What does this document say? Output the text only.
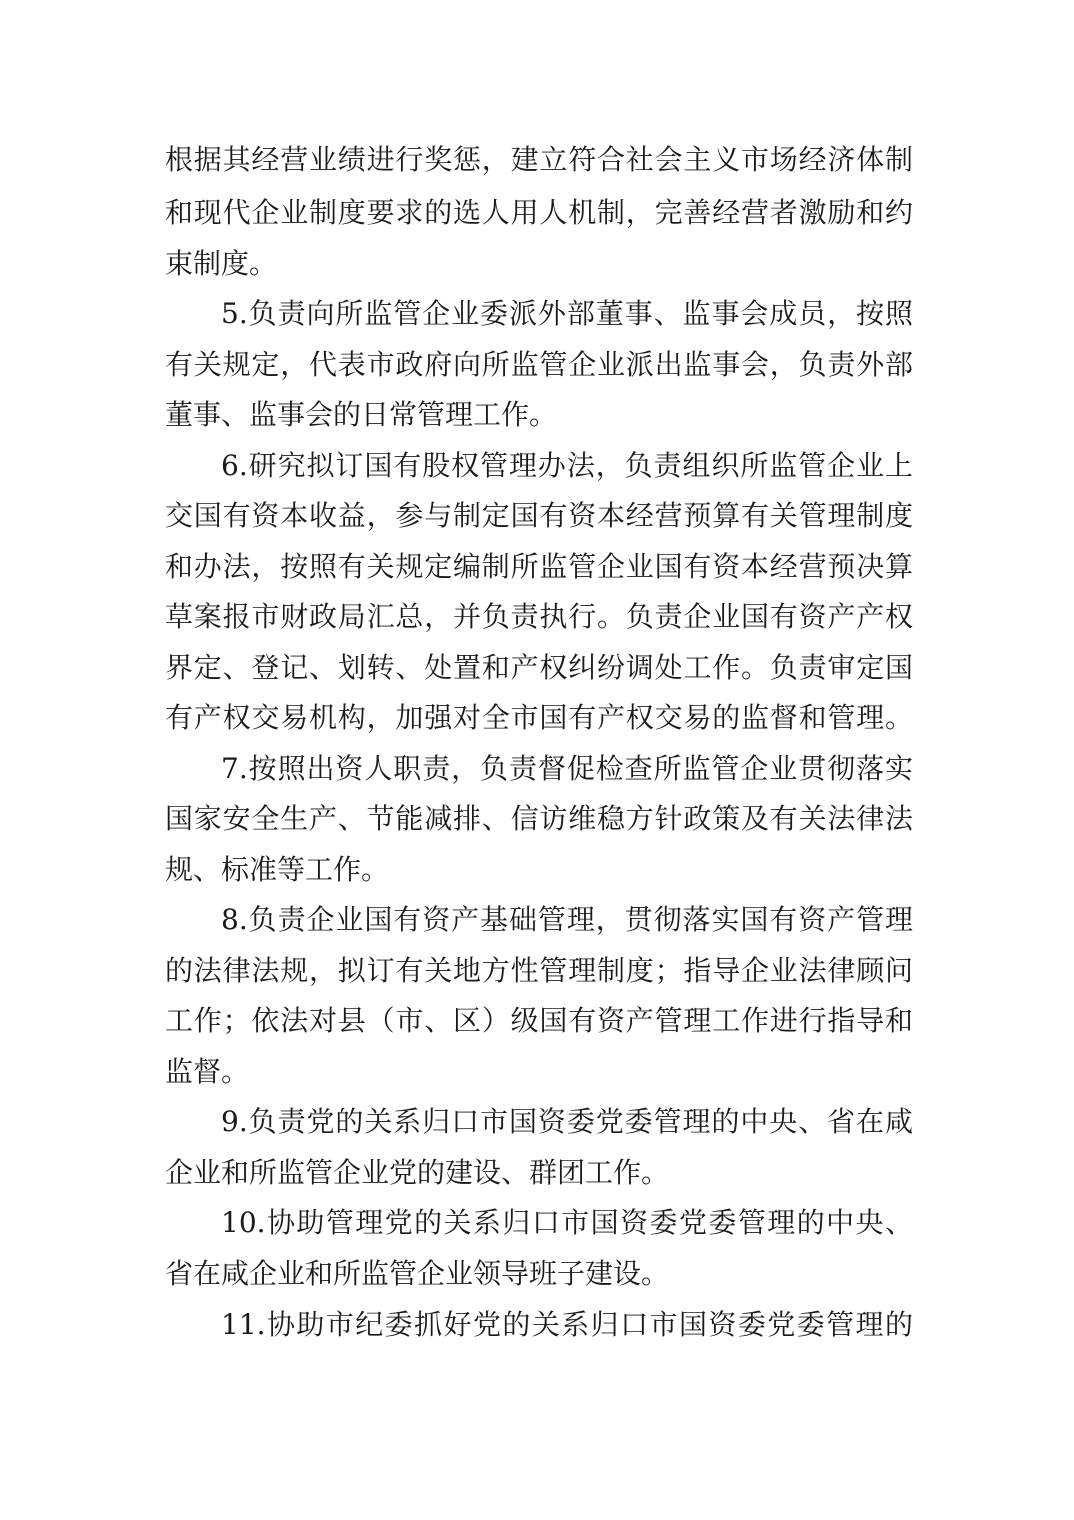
根据其经营业绩进行奖惩，建立符合社会主义市场经济体制
和现代企业制度要求的选人用人机制，完善经营者激励和约
束制度。
5.负责向所监管企业委派外部董事、监事会成员，按照
有关规定，代表市政府向所监管企业派出监事会，负责外部
董事、监事会的日常管理工作。
6.研究拟订国有股权管理办法，负责组织所监管企业上
交国有资本收益，参与制定国有资本经营预算有关管理制度
和办法，按照有关规定编制所监管企业国有资本经营预决算
草案报市财政局汇总，并负责执行。负责企业国有资产产权
界定、登记、划转、处置和产权纠纷调处工作。负责审定国
有产权交易机构，加强对全市国有产权交易的监督和管理。
7.按照出资人职责，负责督促检查所监管企业贯彻落实
国家安全生产、节能减排、信访维稳方针政策及有关法律法
规、标准等工作。
8.负责企业国有资产基础管理，贯彻落实国有资产管理
的法律法规，拟订有关地方性管理制度；指导企业法律顾问
工作；依法对县（市、区）级国有资产管理工作进行指导和
监督。
9.负责党的关系归口市国资委党委管理的中央、省在咸
企业和所监管企业党的建设、群团工作。
10.协助管理党的关系归口市国资委党委管理的中央、
省在咸企业和所监管企业领导班子建设。
11.协助市纪委抓好党的关系归口市国资委党委管理的
